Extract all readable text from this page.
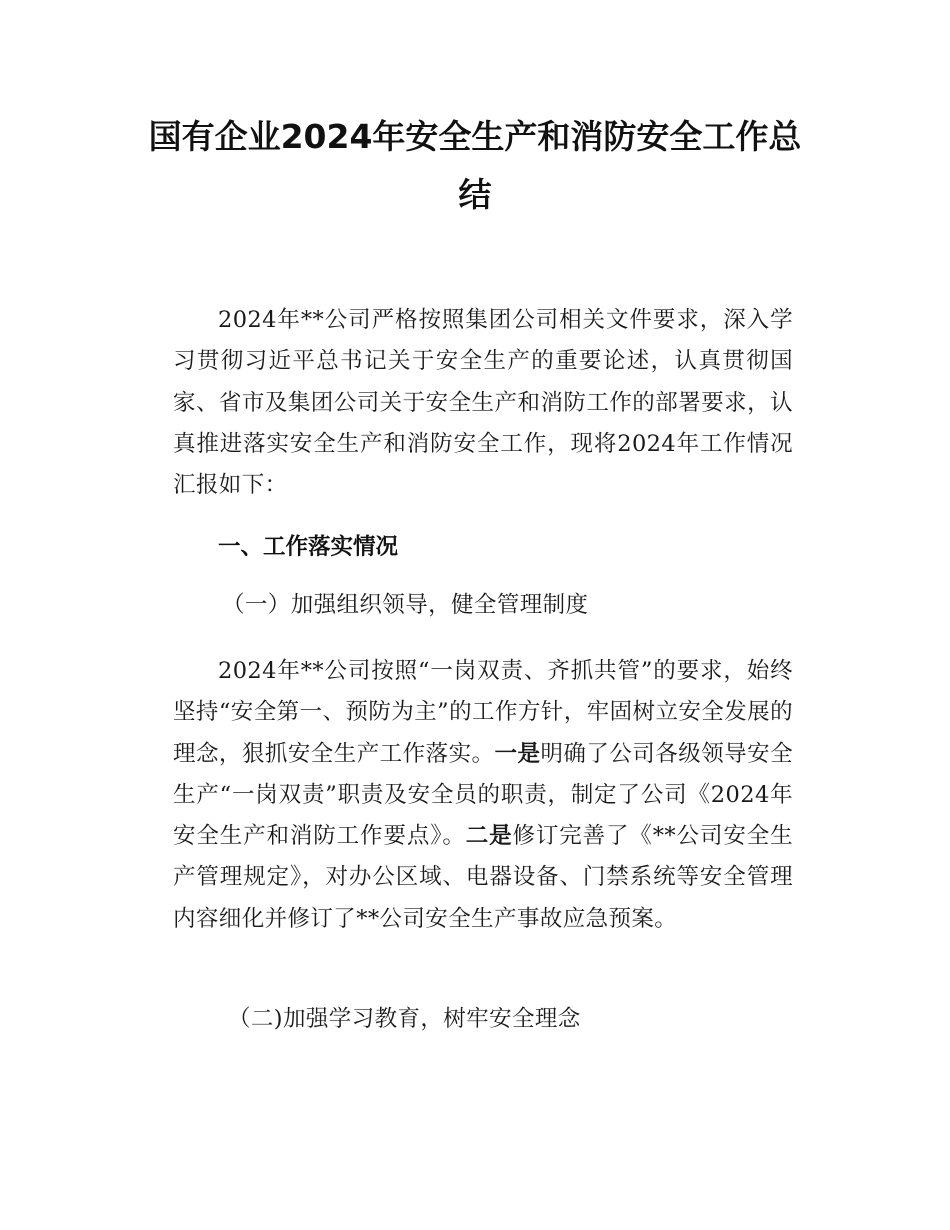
国有企业2024年安全生产和消防安全工作总结

2024年**公司严格按照集团公司相关文件要求，深入学习贯彻习近平总书记关于安全生产的重要论述，认真贯彻国家、省市及集团公司关于安全生产和消防工作的部署要求，认真推进落实安全生产和消防安全工作，现将2024年工作情况汇报如下：

一、工作落实情况
（一）加强组织领导，健全管理制度

2024年**公司按照“一岗双责、齐抓共管”的要求，始终坚持“安全第一、预防为主”的工作方针，牢固树立安全发展的理念，狠抓安全生产工作落实。一是明确了公司各级领导安全生产“一岗双责”职责及安全员的职责，制定了公司《2024年安全生产和消防工作要点》。二是修订完善了《**公司安全生产管理规定》，对办公区域、电器设备、门禁系统等安全管理内容细化并修订了**公司安全生产事故应急预案。

（二)加强学习教育，树牢安全理念
